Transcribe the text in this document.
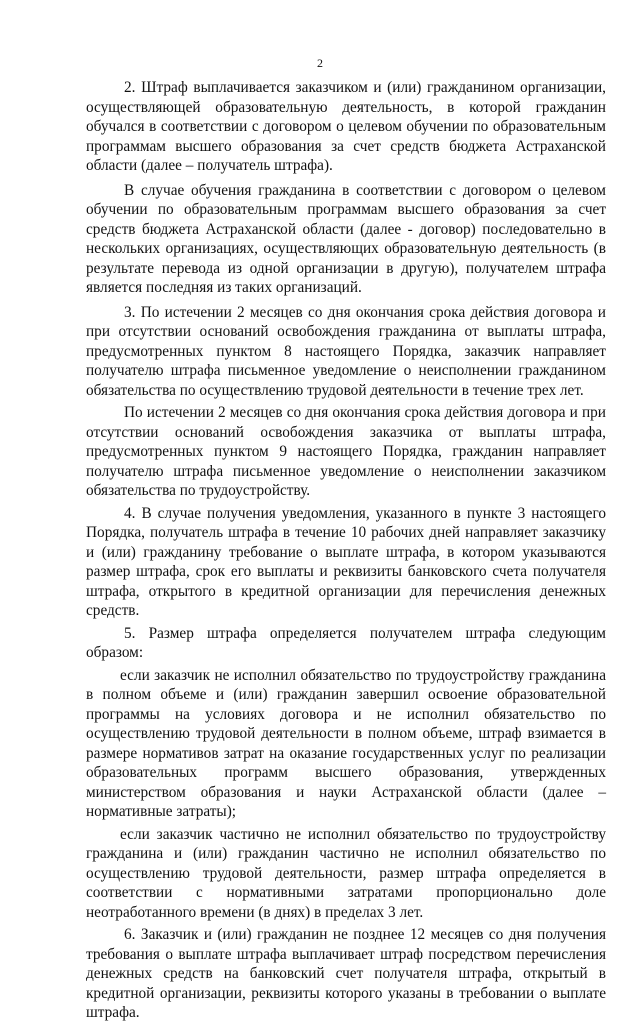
2

2. Штраф выплачивается заказчиком и (или) гражданином организации, осуществляющей образовательную деятельность, в которой гражданин обучался в соответствии с договором о целевом обучении по образовательным программам высшего образования за счет средств бюджета Астраханской области (далее – получатель штрафа).

В случае обучения гражданина в соответствии с договором о целевом обучении по образовательным программам высшего образования за счет средств бюджета Астраханской области (далее - договор) последовательно в нескольких организациях, осуществляющих образовательную деятельность (в результате перевода из одной организации в другую), получателем штрафа является последняя из таких организаций.

3. По истечении 2 месяцев со дня окончания срока действия договора и при отсутствии оснований освобождения гражданина от выплаты штрафа, предусмотренных пунктом 8 настоящего Порядка, заказчик направляет получателю штрафа письменное уведомление о неисполнении гражданином обязательства по осуществлению трудовой деятельности в течение трех лет.

По истечении 2 месяцев со дня окончания срока действия договора и при отсутствии оснований освобождения заказчика от выплаты штрафа, предусмотренных пунктом 9 настоящего Порядка, гражданин направляет получателю штрафа письменное уведомление о неисполнении заказчиком обязательства по трудоустройству.

4. В случае получения уведомления, указанного в пункте 3 настоящего Порядка, получатель штрафа в течение 10 рабочих дней направляет заказчику и (или) гражданину требование о выплате штрафа, в котором указываются размер штрафа, срок его выплаты и реквизиты банковского счета получателя штрафа, открытого в кредитной организации для перечисления денежных средств.

5. Размер штрафа определяется получателем штрафа следующим образом:

если заказчик не исполнил обязательство по трудоустройству гражданина в полном объеме и (или) гражданин завершил освоение образовательной программы на условиях договора и не исполнил обязательство по осуществлению трудовой деятельности в полном объеме, штраф взимается в размере нормативов затрат на оказание государственных услуг по реализации образовательных программ высшего образования, утвержденных министерством образования и науки Астраханской области (далее – нормативные затраты);

если заказчик частично не исполнил обязательство по трудоустройству гражданина и (или) гражданин частично не исполнил обязательство по осуществлению трудовой деятельности, размер штрафа определяется в соответствии с нормативными затратами пропорционально доле неотработанного времени (в днях) в пределах 3 лет.

6. Заказчик и (или) гражданин не позднее 12 месяцев со дня получения требования о выплате штрафа выплачивает штраф посредством перечисления денежных средств на банковский счет получателя штрафа, открытый в кредитной организации, реквизиты которого указаны в требовании о выплате штрафа.
